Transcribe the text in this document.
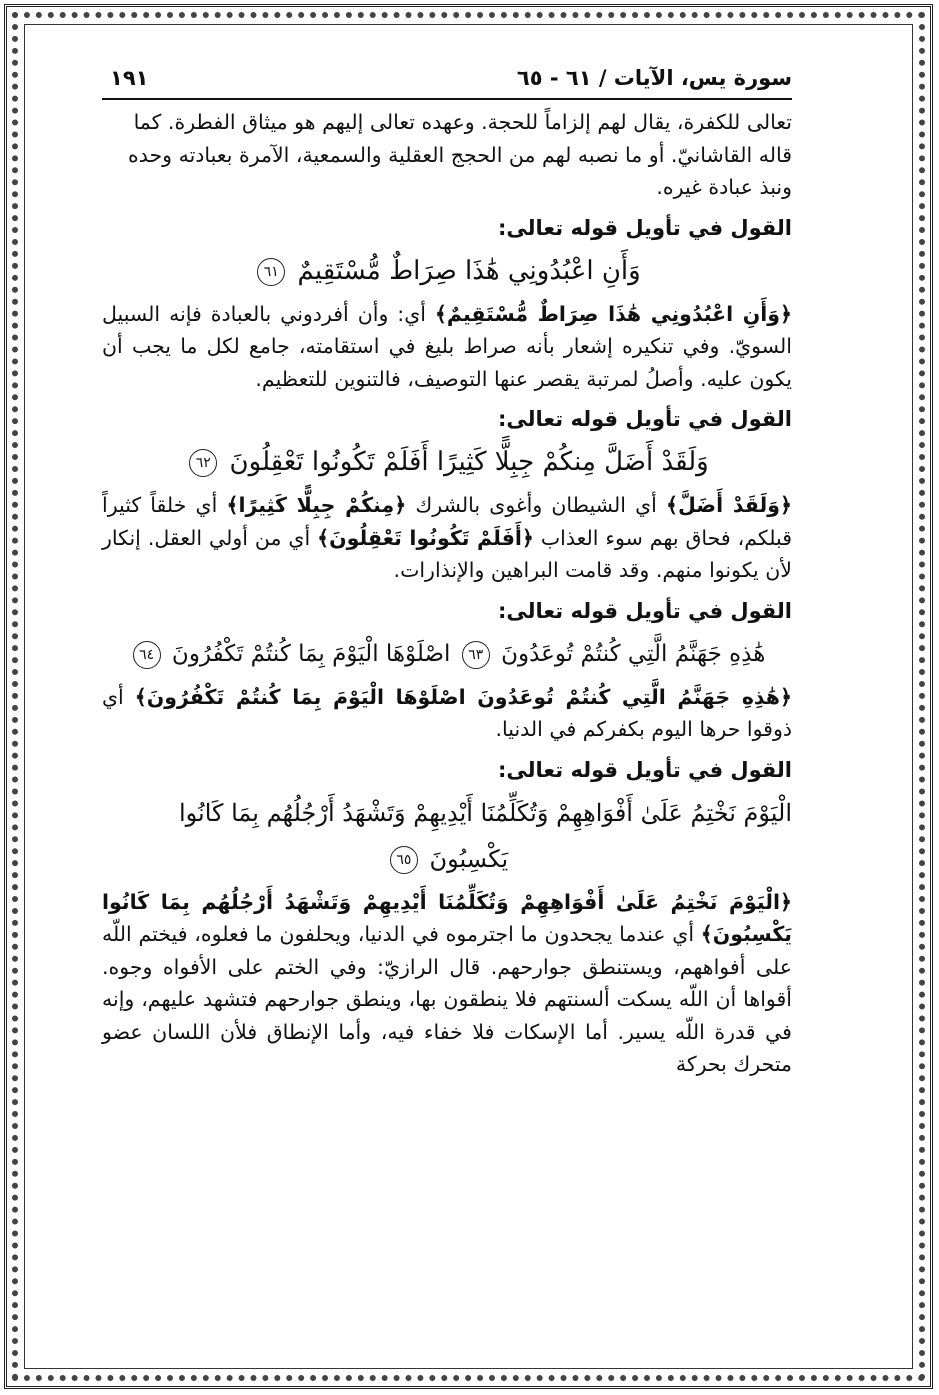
سورة يس، الآيات / ٦١ - ٦٥
١٩١

تعالى للكفرة، يقال لهم إلزاماً للحجة. وعهده تعالى إليهم هو ميثاق الفطرة. كما قاله القاشانيّ. أو ما نصبه لهم من الحجج العقلية والسمعية، الآمرة بعبادته وحده ونبذ عبادة غيره.

القول في تأويل قوله تعالى:
وَأَنِ اعْبُدُونِي هَٰذَا صِرَاطٌ مُّسْتَقِيمٌ ٦١

﴿وَأَنِ اعْبُدُونِي هَٰذَا صِرَاطٌ مُّسْتَقِيمٌ﴾ أي: وأن أفردوني بالعبادة فإنه السبيل السويّ. وفي تنكيره إشعار بأنه صراط بليغ في استقامته، جامع لكل ما يجب أن يكون عليه. وأصلُ لمرتبة يقصر عنها التوصيف، فالتنوين للتعظيم.

القول في تأويل قوله تعالى:
وَلَقَدْ أَضَلَّ مِنكُمْ جِبِلًّا كَثِيرًا أَفَلَمْ تَكُونُوا تَعْقِلُونَ ٦٢

﴿وَلَقَدْ أَضَلَّ﴾ أي الشيطان وأغوى بالشرك ﴿مِنكُمْ جِبِلًّا كَثِيرًا﴾ أي خلقاً كثيراً قبلكم، فحاق بهم سوء العذاب ﴿أَفَلَمْ تَكُونُوا تَعْقِلُونَ﴾ أي من أولي العقل. إنكار لأن يكونوا منهم. وقد قامت البراهين والإنذارات.

القول في تأويل قوله تعالى:
هَٰذِهِ جَهَنَّمُ الَّتِي كُنتُمْ تُوعَدُونَ ٦٣ اصْلَوْهَا الْيَوْمَ بِمَا كُنتُمْ تَكْفُرُونَ ٦٤

﴿هَٰذِهِ جَهَنَّمُ الَّتِي كُنتُمْ تُوعَدُونَ اصْلَوْهَا الْيَوْمَ بِمَا كُنتُمْ تَكْفُرُونَ﴾ أي ذوقوا حرها اليوم بكفركم في الدنيا.

القول في تأويل قوله تعالى:
الْيَوْمَ نَخْتِمُ عَلَىٰ أَفْوَاهِهِمْ وَتُكَلِّمُنَا أَيْدِيهِمْ وَتَشْهَدُ أَرْجُلُهُم بِمَا كَانُوا
يَكْسِبُونَ ٦٥

﴿الْيَوْمَ نَخْتِمُ عَلَىٰ أَفْوَاهِهِمْ وَتُكَلِّمُنَا أَيْدِيهِمْ وَتَشْهَدُ أَرْجُلُهُم بِمَا كَانُوا يَكْسِبُونَ﴾ أي عندما يجحدون ما اجترموه في الدنيا، ويحلفون ما فعلوه، فيختم اللّه على أفواههم، ويستنطق جوارحهم. قال الرازيّ: وفي الختم على الأفواه وجوه. أقواها أن اللّه يسكت ألسنتهم فلا ينطقون بها، وينطق جوارحهم فتشهد عليهم، وإنه في قدرة اللّه يسير. أما الإسكات فلا خفاء فيه، وأما الإنطاق فلأن اللسان عضو متحرك بحركة
